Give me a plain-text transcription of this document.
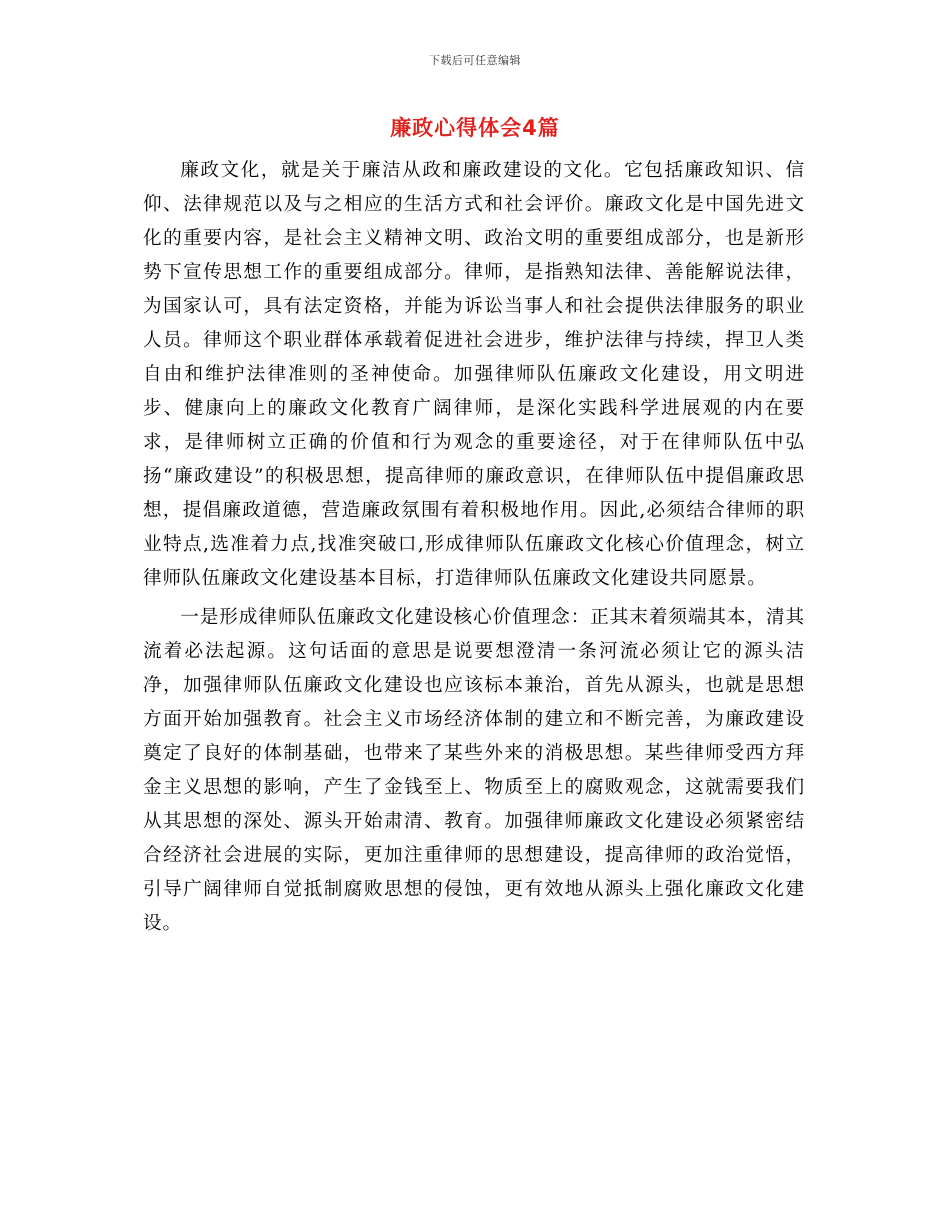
下载后可任意编辑
廉政心得体会4篇

廉政文化，就是关于廉洁从政和廉政建设的文化。它包括廉政知识、信仰、法律规范以及与之相应的生活方式和社会评价。廉政文化是中国先进文化的重要内容，是社会主义精神文明、政治文明的重要组成部分，也是新形势下宣传思想工作的重要组成部分。律师，是指熟知法律、善能解说法律，为国家认可，具有法定资格，并能为诉讼当事人和社会提供法律服务的职业人员。律师这个职业群体承载着促进社会进步，维护法律与持续，捍卫人类自由和维护法律准则的圣神使命。加强律师队伍廉政文化建设，用文明进步、健康向上的廉政文化教育广阔律师，是深化实践科学进展观的内在要求，是律师树立正确的价值和行为观念的重要途径，对于在律师队伍中弘扬“廉政建设”的积极思想，提高律师的廉政意识，在律师队伍中提倡廉政思想，提倡廉政道德，营造廉政氛围有着积极地作用。因此,必须结合律师的职业特点,选准着力点,找准突破口,形成律师队伍廉政文化核心价值理念，树立律师队伍廉政文化建设基本目标，打造律师队伍廉政文化建设共同愿景。

一是形成律师队伍廉政文化建设核心价值理念：正其末着须端其本，清其流着必法起源。这句话面的意思是说要想澄清一条河流必须让它的源头洁净，加强律师队伍廉政文化建设也应该标本兼治，首先从源头，也就是思想方面开始加强教育。社会主义市场经济体制的建立和不断完善，为廉政建设奠定了良好的体制基础，也带来了某些外来的消极思想。某些律师受西方拜金主义思想的影响，产生了金钱至上、物质至上的腐败观念，这就需要我们从其思想的深处、源头开始肃清、教育。加强律师廉政文化建设必须紧密结合经济社会进展的实际，更加注重律师的思想建设，提高律师的政治觉悟，引导广阔律师自觉抵制腐败思想的侵蚀，更有效地从源头上强化廉政文化建设。
